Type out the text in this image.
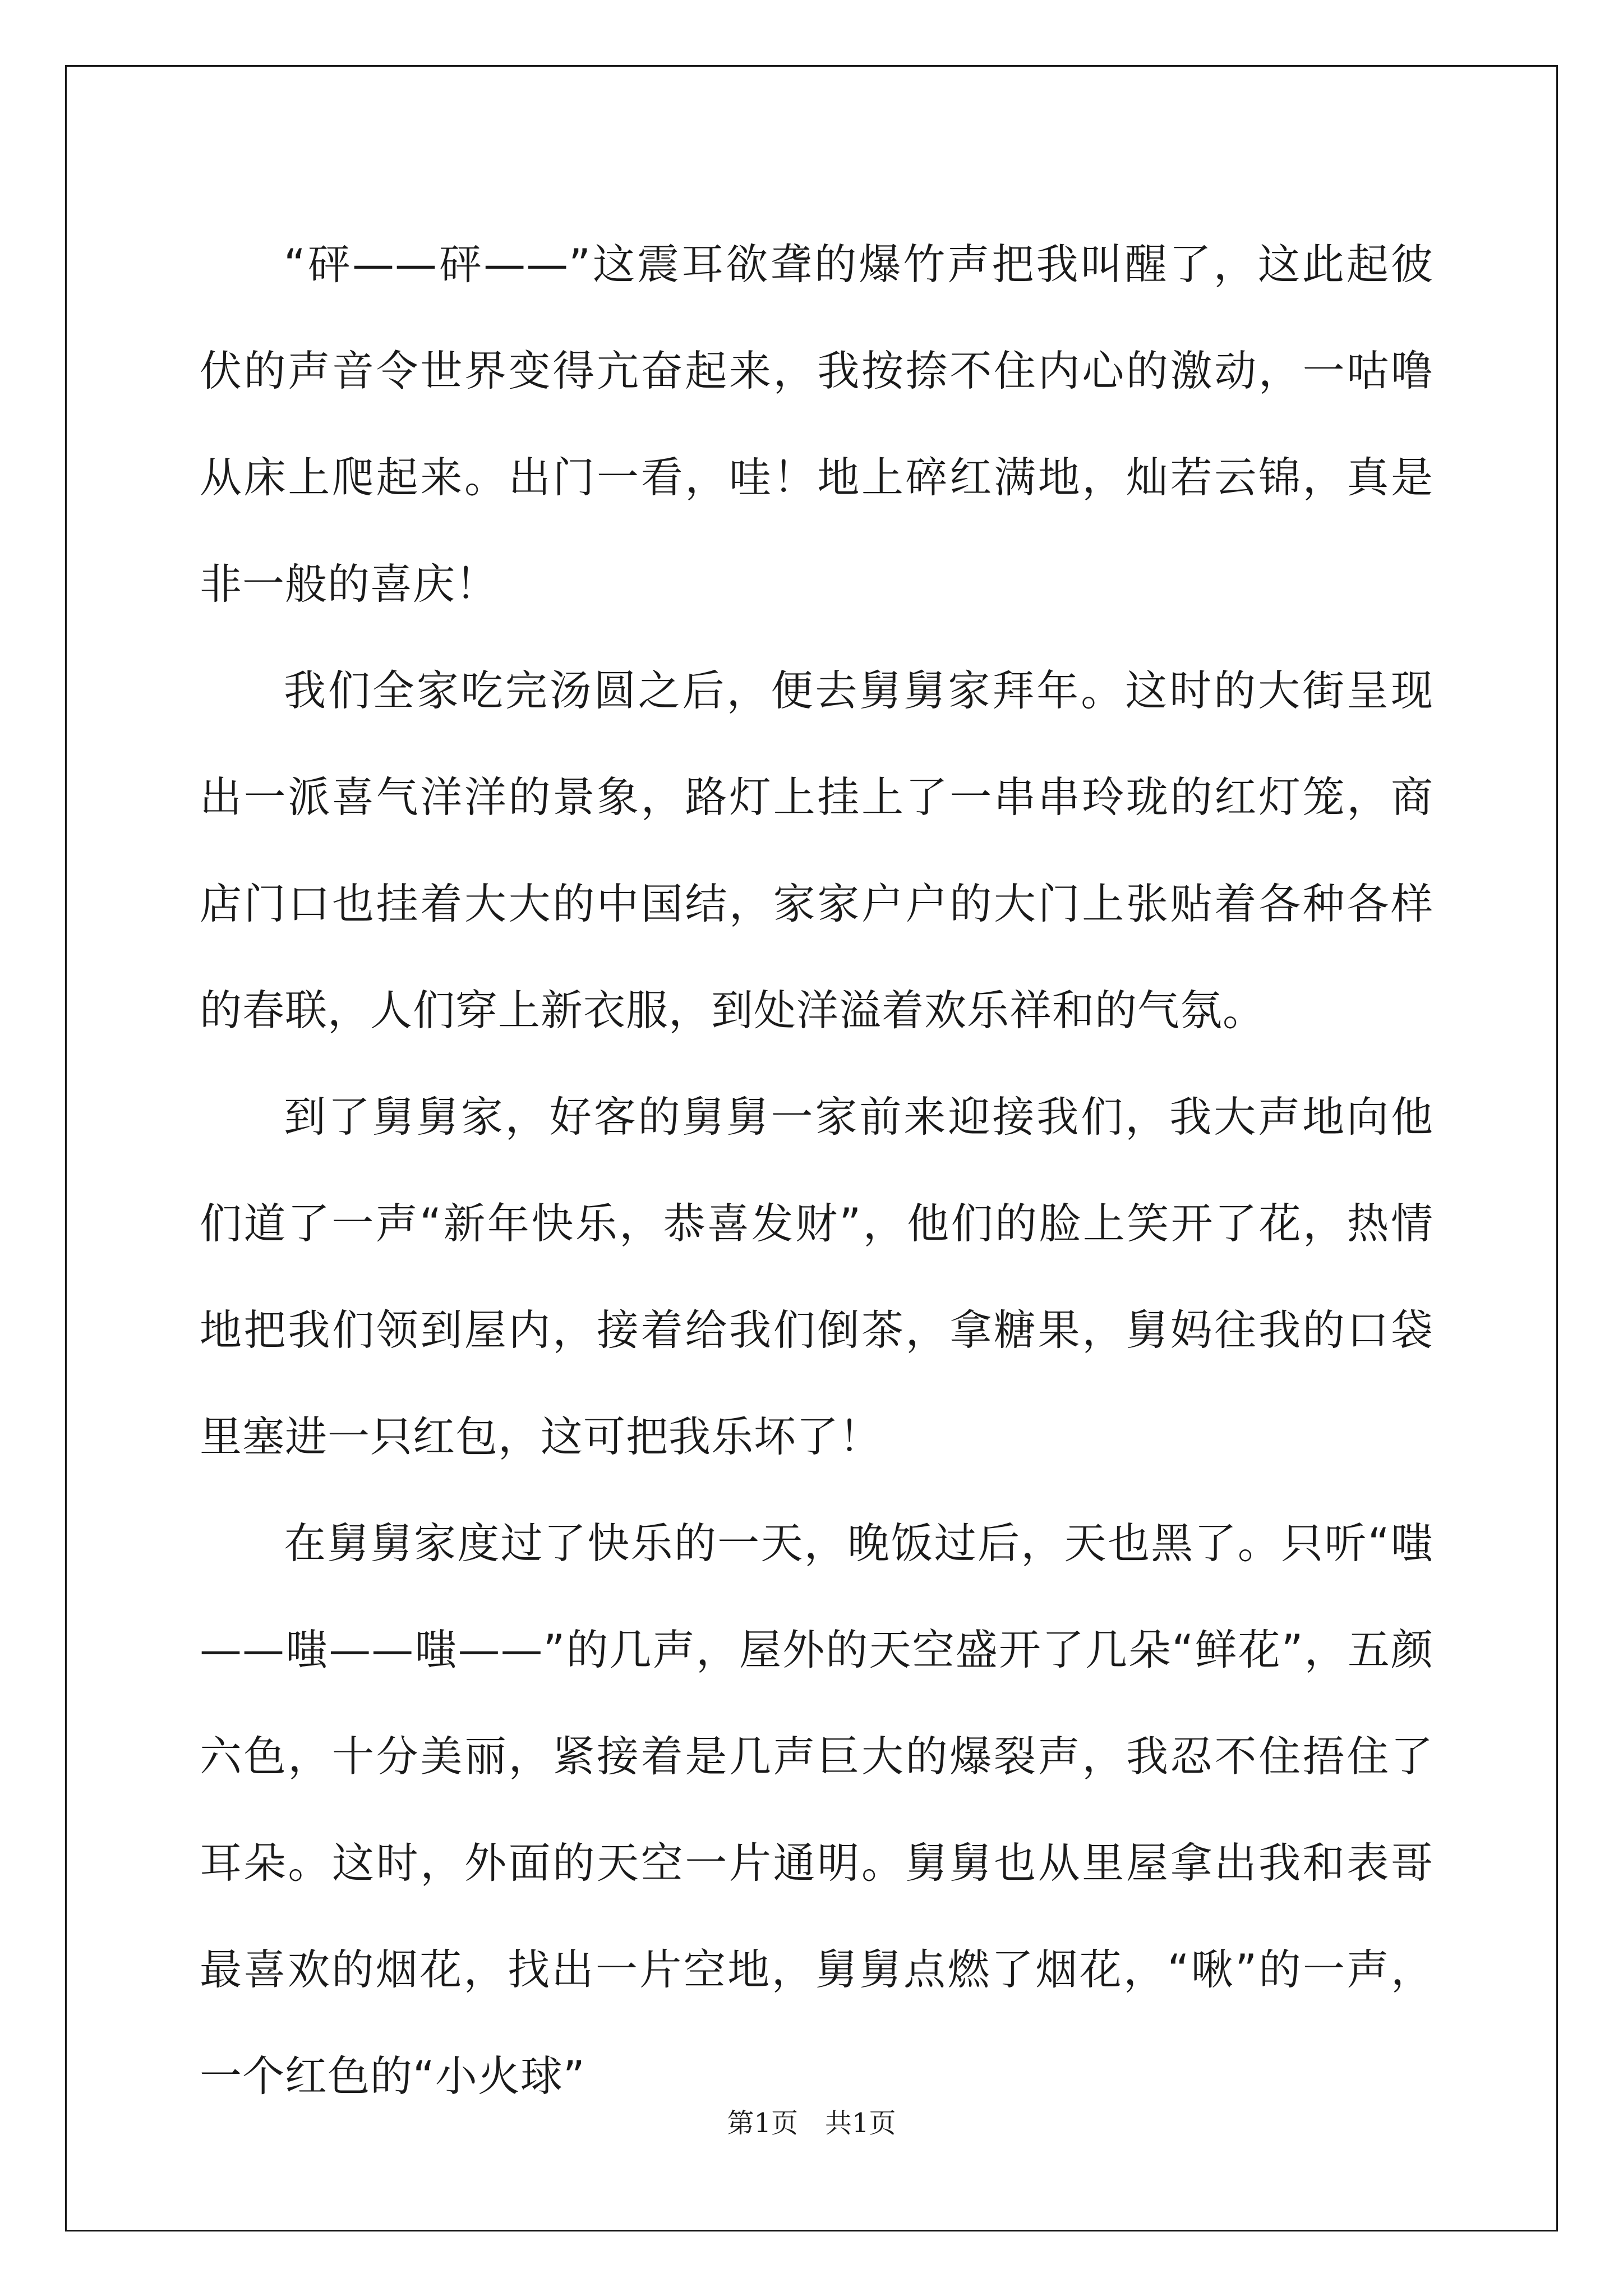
“砰——砰——”这震耳欲聋的爆竹声把我叫醒了，这此起彼伏的声音令世界变得亢奋起来，我按捺不住内心的激动，一咕噜从床上爬起来。出门一看，哇！地上碎红满地，灿若云锦，真是非一般的喜庆！

我们全家吃完汤圆之后，便去舅舅家拜年。这时的大街呈现出一派喜气洋洋的景象，路灯上挂上了一串串玲珑的红灯笼，商店门口也挂着大大的中国结，家家户户的大门上张贴着各种各样的春联，人们穿上新衣服，到处洋溢着欢乐祥和的气氛。

到了舅舅家，好客的舅舅一家前来迎接我们，我大声地向他们道了一声“新年快乐，恭喜发财”，他们的脸上笑开了花，热情地把我们领到屋内，接着给我们倒茶，拿糖果，舅妈往我的口袋里塞进一只红包，这可把我乐坏了！

在舅舅家度过了快乐的一天，晚饭过后，天也黑了。只听“嗤——嗤——嗤——”的几声，屋外的天空盛开了几朵“鲜花”，五颜六色，十分美丽，紧接着是几声巨大的爆裂声，我忍不住捂住了耳朵。这时，外面的天空一片通明。舅舅也从里屋拿出我和表哥最喜欢的烟花，找出一片空地，舅舅点燃了烟花，“啾”的一声，一个红色的“小火球”

第1页　共1页
